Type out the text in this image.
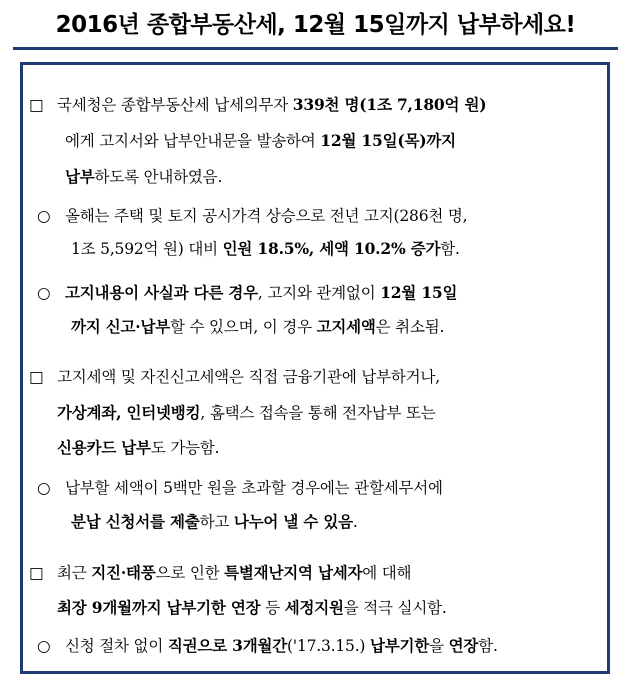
2016년 종합부동산세, 12월 15일까지 납부하세요!
□ 국세청은 종합부동산세 납세의무자 339천 명(1조 7,180억 원)
에게 고지서와 납부안내문을 발송하여 12월 15일(목)까지
납부하도록 안내하였음.
○ 올해는 주택 및 토지 공시가격 상승으로 전년 고지(286천 명,
1조 5,592억 원) 대비 인원 18.5%, 세액 10.2% 증가함.
○ 고지내용이 사실과 다른 경우, 고지와 관계없이 12월 15일
까지 신고·납부할 수 있으며, 이 경우 고지세액은 취소됨.
□ 고지세액 및 자진신고세액은 직접 금융기관에 납부하거나,
가상계좌, 인터넷뱅킹, 홈택스 접속을 통해 전자납부 또는
신용카드 납부도 가능함.
○ 납부할 세액이 5백만 원을 초과할 경우에는 관할세무서에
분납 신청서를 제출하고 나누어 낼 수 있음.
□ 최근 지진·태풍으로 인한 특별재난지역 납세자에 대해
최장 9개월까지 납부기한 연장 등 세정지원을 적극 실시함.
○ 신청 절차 없이 직권으로 3개월간('17.3.15.) 납부기한을 연장함.
